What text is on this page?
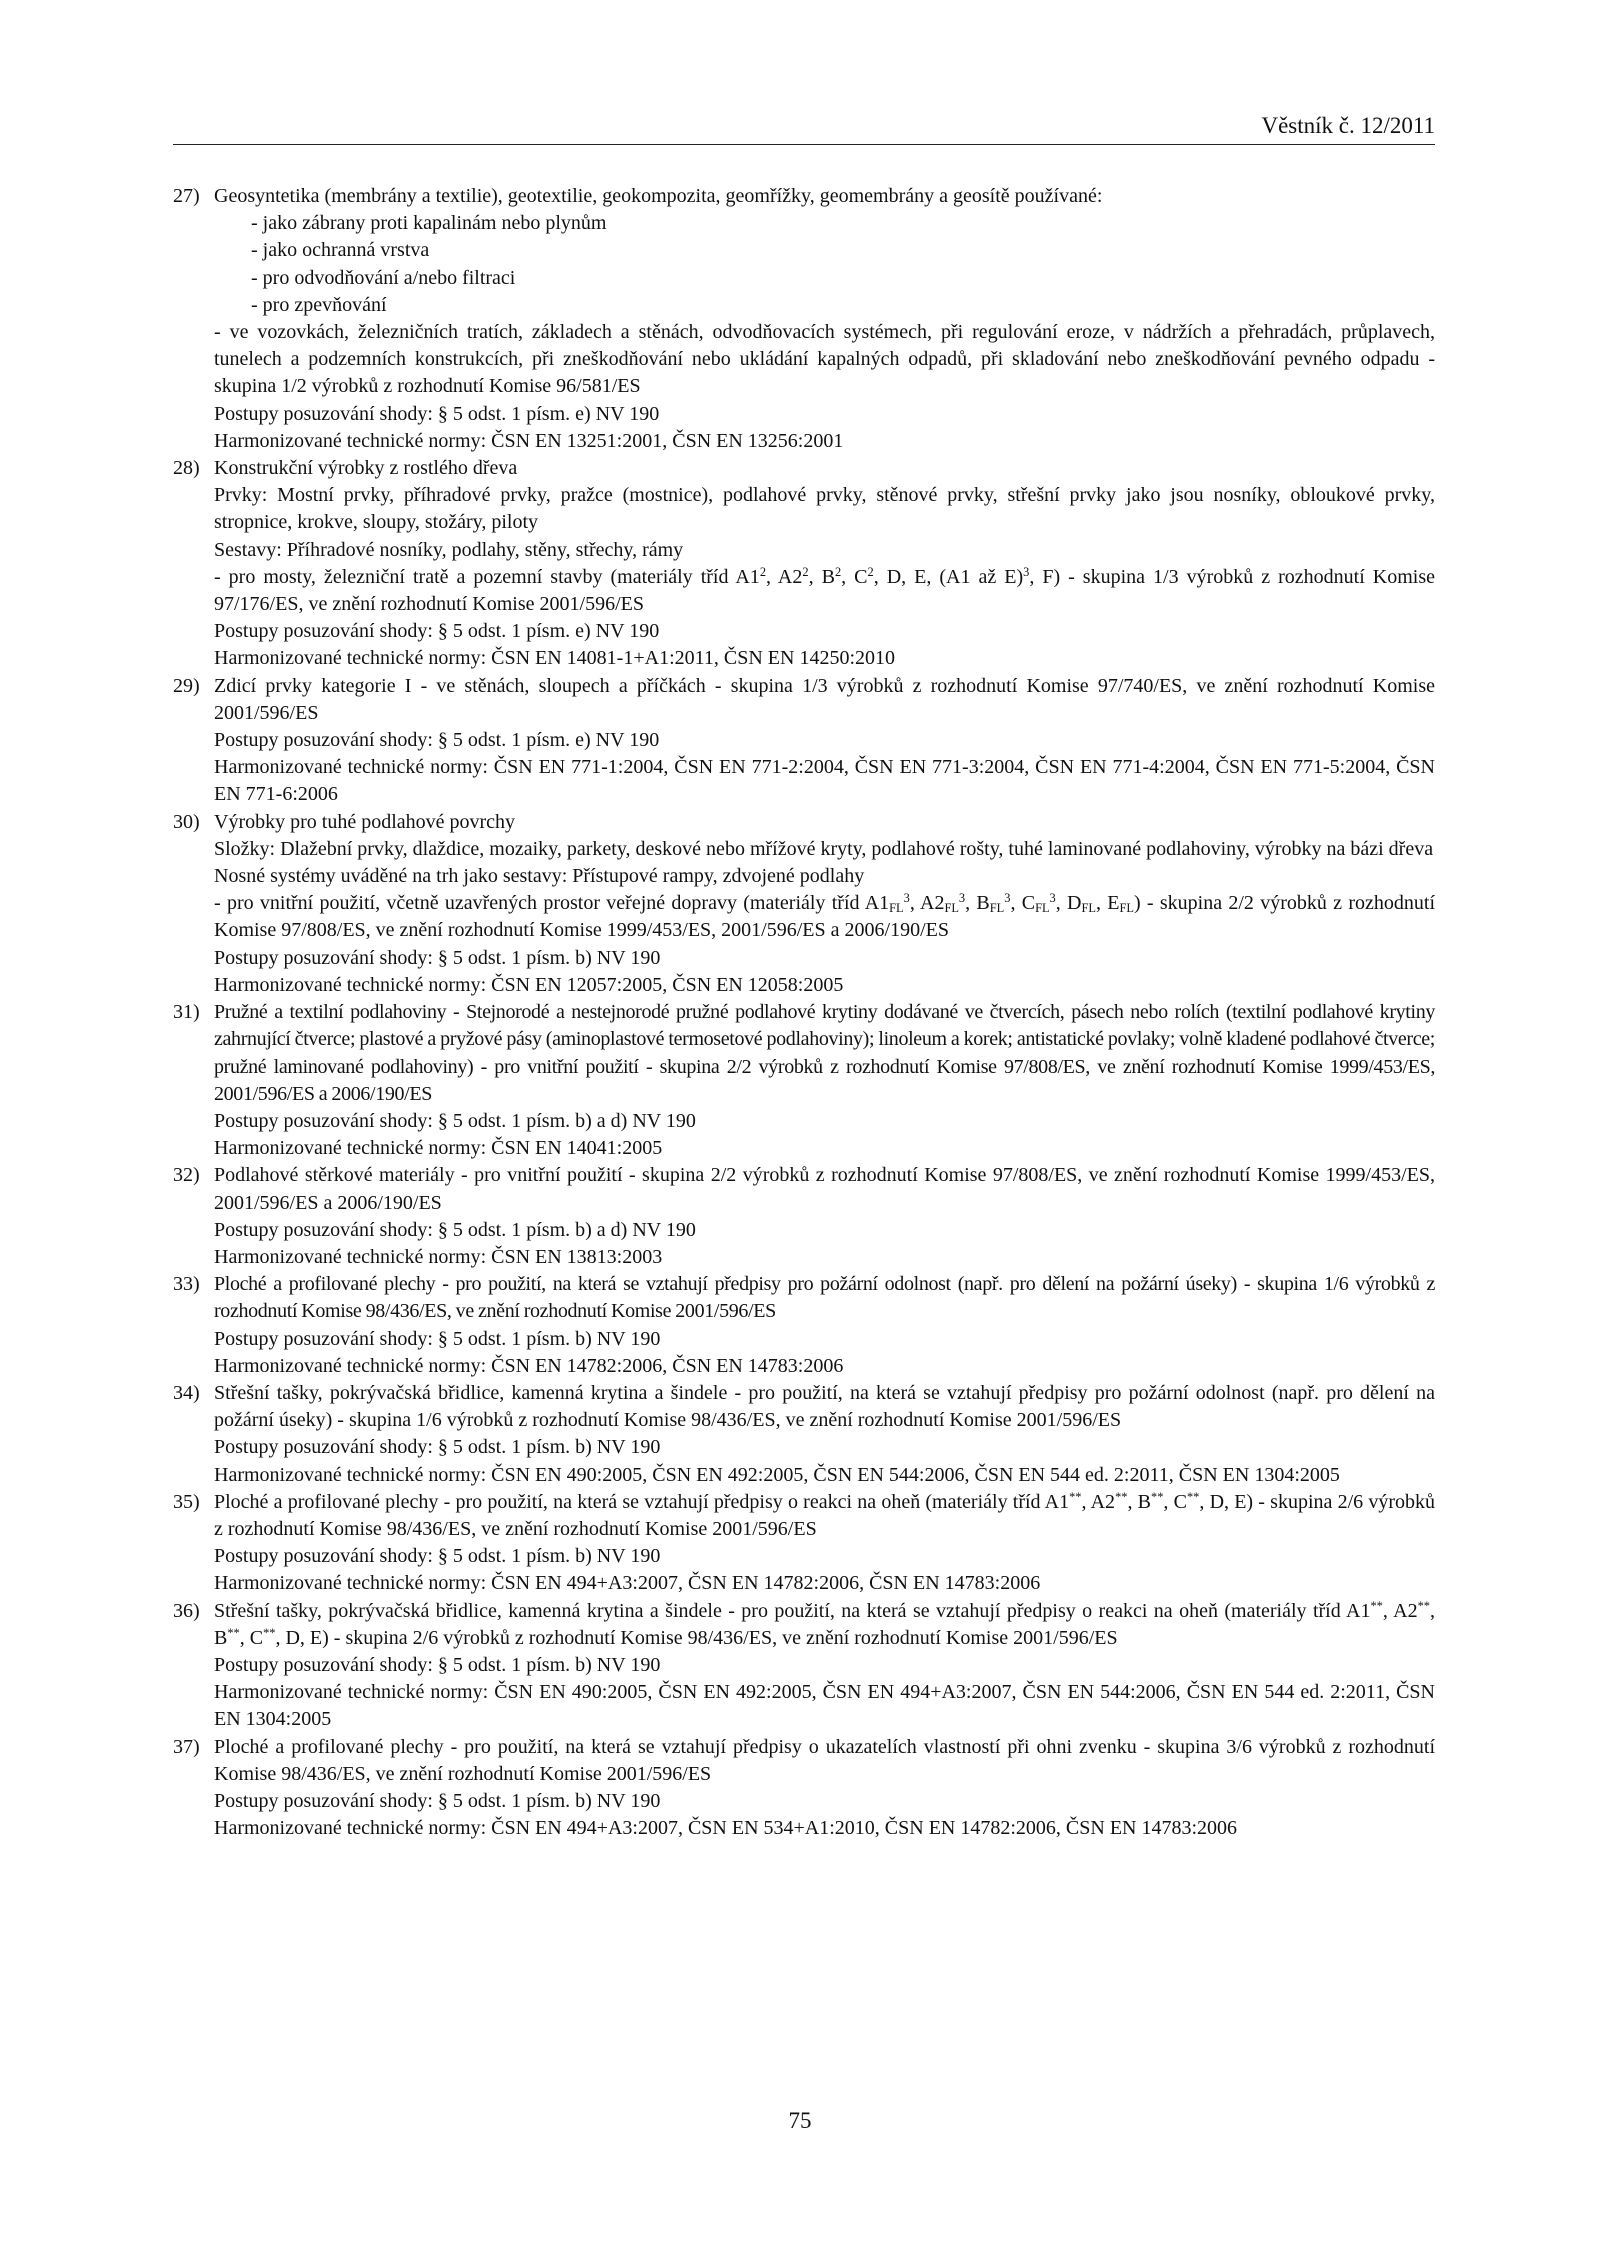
Věstník č. 12/2011
27) Geosyntetika (membrány a textilie), geotextilie, geokompozita, geomřížky, geomembrány a geosítě používané:
- jako zábrany proti kapalinám nebo plynům
- jako ochranná vrstva
- pro odvodňování a/nebo filtraci
- pro zpevňování
- ve vozovkách, železničních tratích, základech a stěnách, odvodňovacích systémech, při regulování eroze, v nádržích a přehradách, průplavech, tunelech a podzemních konstrukcích, při zneškodňování nebo ukládání kapalných odpadů, při skladování nebo zneškodňování pevného odpadu - skupina 1/2 výrobků z rozhodnutí Komise 96/581/ES
Postupy posuzování shody: § 5 odst. 1 písm. e) NV 190
Harmonizované technické normy: ČSN EN 13251:2001, ČSN EN 13256:2001
28) Konstrukční výrobky z rostlého dřeva
Prvky: Mostní prvky, příhradové prvky, pražce (mostnice), podlahové prvky, stěnové prvky, střešní prvky jako jsou nosníky, obloukové prvky, stropnice, krokve, sloupy, stožáry, piloty
Sestavy: Příhradové nosníky, podlahy, stěny, střechy, rámy
- pro mosty, železniční tratě a pozemní stavby (materiály tříd $A1^2$, $A2^2$, $B^2$, $C^2$, D, E, (A1 až E)$^3$, F) - skupina 1/3 výrobků z rozhodnutí Komise 97/176/ES, ve znění rozhodnutí Komise 2001/596/ES
Postupy posuzování shody: § 5 odst. 1 písm. e) NV 190
Harmonizované technické normy: ČSN EN 14081-1+A1:2011, ČSN EN 14250:2010
29) Zdicí prvky kategorie I - ve stěnách, sloupech a příčkách - skupina 1/3 výrobků z rozhodnutí Komise 97/740/ES, ve znění rozhodnutí Komise 2001/596/ES
Postupy posuzování shody: § 5 odst. 1 písm. e) NV 190
Harmonizované technické normy: ČSN EN 771-1:2004, ČSN EN 771-2:2004, ČSN EN 771-3:2004, ČSN EN 771-4:2004, ČSN EN 771-5:2004, ČSN EN 771-6:2006
30) Výrobky pro tuhé podlahové povrchy
Složky: Dlažební prvky, dlaždice, mozaiky, parkety, deskové nebo mřížové kryty, podlahové rošty, tuhé laminované podlahoviny, výrobky na bázi dřeva
Nosné systémy uváděné na trh jako sestavy: Přístupové rampy, zdvojené podlahy
- pro vnitřní použití, včetně uzavřených prostor veřejné dopravy (materiály tříd $A1_{FL}^3$, $A2_{FL}^3$, $B_{FL}^3$, $C_{FL}^3$, $D_{FL}$, $E_{FL}$) - skupina 2/2 výrobků z rozhodnutí Komise 97/808/ES, ve znění rozhodnutí Komise 1999/453/ES, 2001/596/ES a 2006/190/ES
Postupy posuzování shody: § 5 odst. 1 písm. b) NV 190
Harmonizované technické normy: ČSN EN 12057:2005, ČSN EN 12058:2005
31) Pružné a textilní podlahoviny - Stejnorodé a nestejnorodé pružné podlahové krytiny dodávané ve čtvercích, pásech nebo rolích (textilní podlahové krytiny zahrnující čtverce; plastové a pryžové pásy (aminoplastové termosetové podlahoviny); linoleum a korek; antistatické povlaky; volně kladené podlahové čtverce; pružné laminované podlahoviny) - pro vnitřní použití - skupina 2/2 výrobků z rozhodnutí Komise 97/808/ES, ve znění rozhodnutí Komise 1999/453/ES, 2001/596/ES a 2006/190/ES
Postupy posuzování shody: § 5 odst. 1 písm. b) a d) NV 190
Harmonizované technické normy: ČSN EN 14041:2005
32) Podlahové stěrkové materiály - pro vnitřní použití - skupina 2/2 výrobků z rozhodnutí Komise 97/808/ES, ve znění rozhodnutí Komise 1999/453/ES, 2001/596/ES a 2006/190/ES
Postupy posuzování shody: § 5 odst. 1 písm. b) a d) NV 190
Harmonizované technické normy: ČSN EN 13813:2003
33) Ploché a profilované plechy - pro použití, na která se vztahují předpisy pro požární odolnost (např. pro dělení na požární úseky) - skupina 1/6 výrobků z rozhodnutí Komise 98/436/ES, ve znění rozhodnutí Komise 2001/596/ES
Postupy posuzování shody: § 5 odst. 1 písm. b) NV 190
Harmonizované technické normy: ČSN EN 14782:2006, ČSN EN 14783:2006
34) Střešní tašky, pokrývačská břidlice, kamenná krytina a šindele - pro použití, na která se vztahují předpisy pro požární odolnost (např. pro dělení na požární úseky) - skupina 1/6 výrobků z rozhodnutí Komise 98/436/ES, ve znění rozhodnutí Komise 2001/596/ES
Postupy posuzování shody: § 5 odst. 1 písm. b) NV 190
Harmonizované technické normy: ČSN EN 490:2005, ČSN EN 492:2005, ČSN EN 544:2006, ČSN EN 544 ed. 2:2011, ČSN EN 1304:2005
35) Ploché a profilované plechy - pro použití, na která se vztahují předpisy o reakci na oheň (materiály tříd A1**, A2**, B**, C**, D, E) - skupina 2/6 výrobků z rozhodnutí Komise 98/436/ES, ve znění rozhodnutí Komise 2001/596/ES
Postupy posuzování shody: § 5 odst. 1 písm. b) NV 190
Harmonizované technické normy: ČSN EN 494+A3:2007, ČSN EN 14782:2006, ČSN EN 14783:2006
36) Střešní tašky, pokrývačská břidlice, kamenná krytina a šindele - pro použití, na která se vztahují předpisy o reakci na oheň (materiály tříd A1**, A2**, B**, C**, D, E) - skupina 2/6 výrobků z rozhodnutí Komise 98/436/ES, ve znění rozhodnutí Komise 2001/596/ES
Postupy posuzování shody: § 5 odst. 1 písm. b) NV 190
Harmonizované technické normy: ČSN EN 490:2005, ČSN EN 492:2005, ČSN EN 494+A3:2007, ČSN EN 544:2006, ČSN EN 544 ed. 2:2011, ČSN EN 1304:2005
37) Ploché a profilované plechy - pro použití, na která se vztahují předpisy o ukazatelích vlastností při ohni zvenku - skupina 3/6 výrobků z rozhodnutí Komise 98/436/ES, ve znění rozhodnutí Komise 2001/596/ES
Postupy posuzování shody: § 5 odst. 1 písm. b) NV 190
Harmonizované technické normy: ČSN EN 494+A3:2007, ČSN EN 534+A1:2010, ČSN EN 14782:2006, ČSN EN 14783:2006
75
